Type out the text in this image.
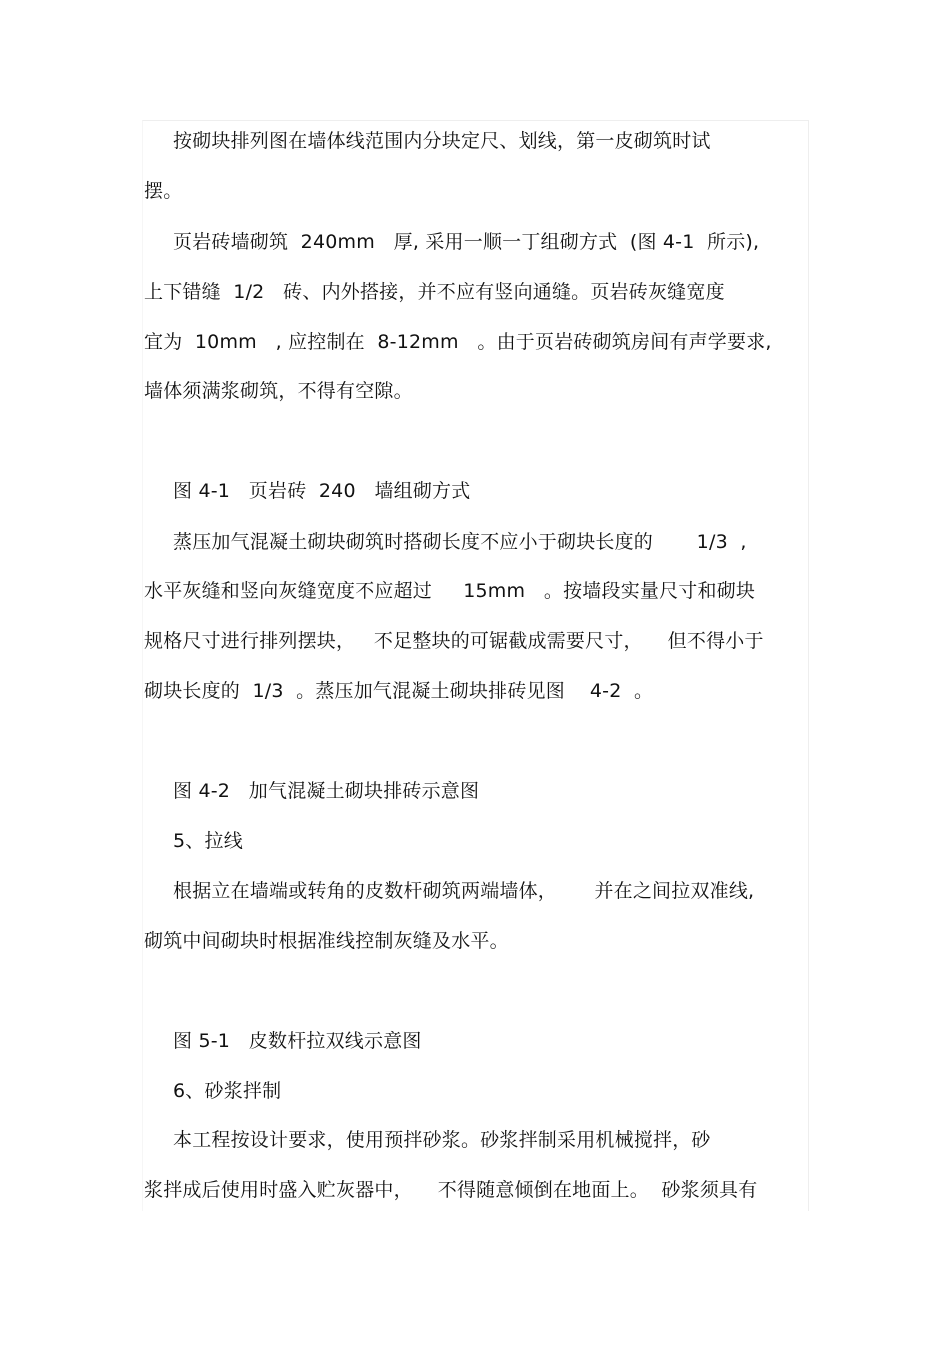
按砌块排列图在墙体线范围内分块定尺、划线，第一皮砌筑时试
摆。
页岩砖墙砌筑  240mm   厚, 采用一顺一丁组砌方式  (图 4-1  所示),
上下错缝  1/2   砖、内外搭接，并不应有竖向通缝。页岩砖灰缝宽度
宜为  10mm   , 应控制在  8-12mm   。由于页岩砖砌筑房间有声学要求,
墙体须满浆砌筑，不得有空隙。
图 4-1   页岩砖  240   墙组砌方式
蒸压加气混凝土砌块砌筑时搭砌长度不应小于砌块长度的       1/3  ,
水平灰缝和竖向灰缝宽度不应超过     15mm   。按墙段实量尺寸和砌块
规格尺寸进行排列摆块，   不足整块的可锯截成需要尺寸，    但不得小于
砌块长度的  1/3  。蒸压加气混凝土砌块排砖见图    4-2  。
图 4-2   加气混凝土砌块排砖示意图
5、拉线
根据立在墙端或转角的皮数杆砌筑两端墙体，      并在之间拉双准线,
砌筑中间砌块时根据准线控制灰缝及水平。
图 5-1   皮数杆拉双线示意图
6、砂浆拌制
本工程按设计要求，使用预拌砂浆。砂浆拌制采用机械搅拌，砂
浆拌成后使用时盛入贮灰器中，    不得随意倾倒在地面上。  砂浆须具有
